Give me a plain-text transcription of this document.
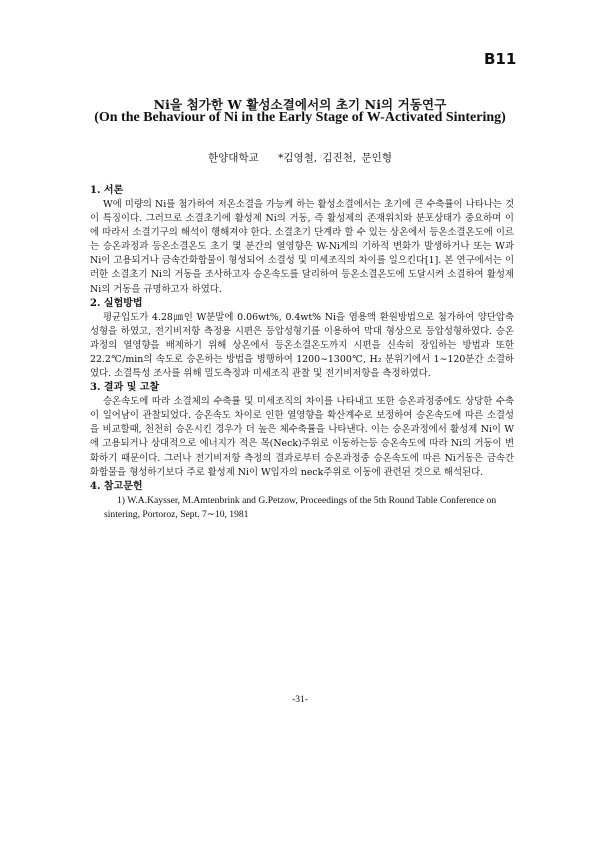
B11
Ni을 첨가한 W 활성소결에서의 초기 Ni의 거동연구
(On the Behaviour of Ni in the Early Stage of W-Activated Sintering)
한양대학교 *김영철, 김진천, 문인형
1. 서론

W에 미량의 Ni를 첨가하여 저온소결을 가능케 하는 활성소결에서는 초기에 큰 수축률이 나타나는 것이 특징이다. 그러므로 소결초기에 활성제 Ni의 거동, 즉 활성제의 존재위치와 분포상태가 중요하며 이에 따라서 소결기구의 해석이 행해져야 한다. 소결초기 단계라 할 수 있는 상온에서 등온소결온도에 이르는 승온과정과 등온소결온도 초기 몇 분간의 열영향은 W-Ni계의 기하적 변화가 발생하거나 또는 W과 Ni이 고용되거나 금속간화합물이 형성되어 소결성 및 미세조직의 차이를 일으킨다[1]. 본 연구에서는 이러한 소결초기 Ni의 거동을 조사하고자 승온속도를 달리하여 등온소결온도에 도달시켜 소결하여 활성제 Ni의 거동을 규명하고자 하였다.

2. 실험방법

평균입도가 4.28㎛인 W분말에 0.06wt%, 0.4wt% Ni을 염용액 환원방법으로 첨가하여 양단압축성형을 하였고, 전기비저항 측정용 시편은 등압성형기를 이용하여 막대 형상으로 등압성형하였다. 승온과정의 열영향을 배제하기 위해 상온에서 등온소결온도까지 시편을 신속히 장입하는 방법과 또한 22.2℃/min의 속도로 승온하는 방법을 병행하여 1200∼1300℃, H₂ 분위기에서 1∼120분간 소결하였다. 소결특성 조사를 위해 밀도측정과 미세조직 관찰 및 전기비저항을 측정하였다.

3. 결과 및 고찰

승온속도에 따라 소결체의 수축률 및 미세조직의 차이를 나타내고 또한 승온과정중에도 상당한 수축이 일어남이 관찰되었다. 승온속도 차이로 인한 열영향을 확산계수로 보정하여 승온속도에 따른 소결성을 비교할때, 천천히 승온시킨 경우가 더 높은 체수축률을 나타낸다. 이는 승온과정에서 활성제 Ni이 W에 고용되거나 상대적으로 에너지가 적은 목(Neck)주위로 이동하는등 승온속도에 따라 Ni의 거동이 변화하기 때문이다. 그러나 전기비저항 측정의 결과로부터 승온과정중 승온속도에 따른 Ni거동은 금속간화합물을 형성하기보다 주로 활성제 Ni이 W입자의 neck주위로 이동에 관련된 것으로 해석된다.

4. 참고문헌

1) W.A.Kaysser, M.Amtenbrink and G.Petzow, Proceedings of the 5th Round Table Conference on sintering, Portoroz, Sept. 7∼10, 1981

-31-
